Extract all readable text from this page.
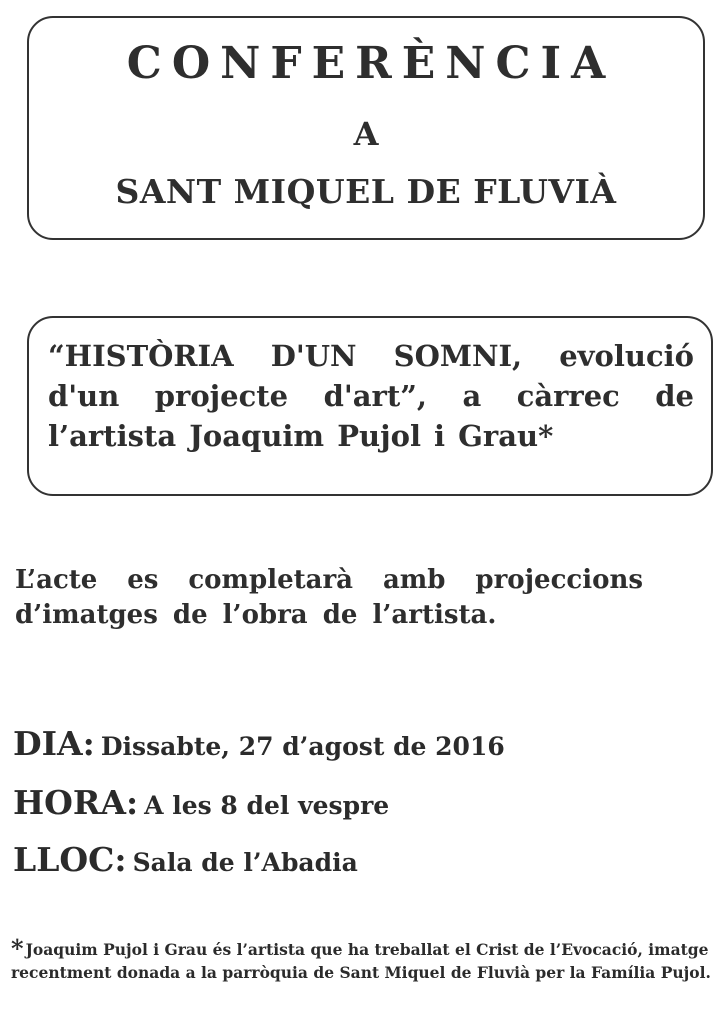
CONFERÈNCIA
A
SANT MIQUEL DE FLUVIÀ
“HISTÒRIA D'UN SOMNI, evolució d'un projecte d'art”, a càrrec de l’artista Joaquim Pujol i Grau*
L’acte es completarà amb projeccions d’imatges de l’obra de l’artista.
DIA: Dissabte, 27 d’agost de 2016
HORA: A les 8 del vespre
LLOC: Sala de l’Abadia
* Joaquim Pujol i Grau és l’artista que ha treballat el Crist de l’Evocació, imatge recentment donada a la parròquia de Sant Miquel de Fluvià per la Família Pujol.
